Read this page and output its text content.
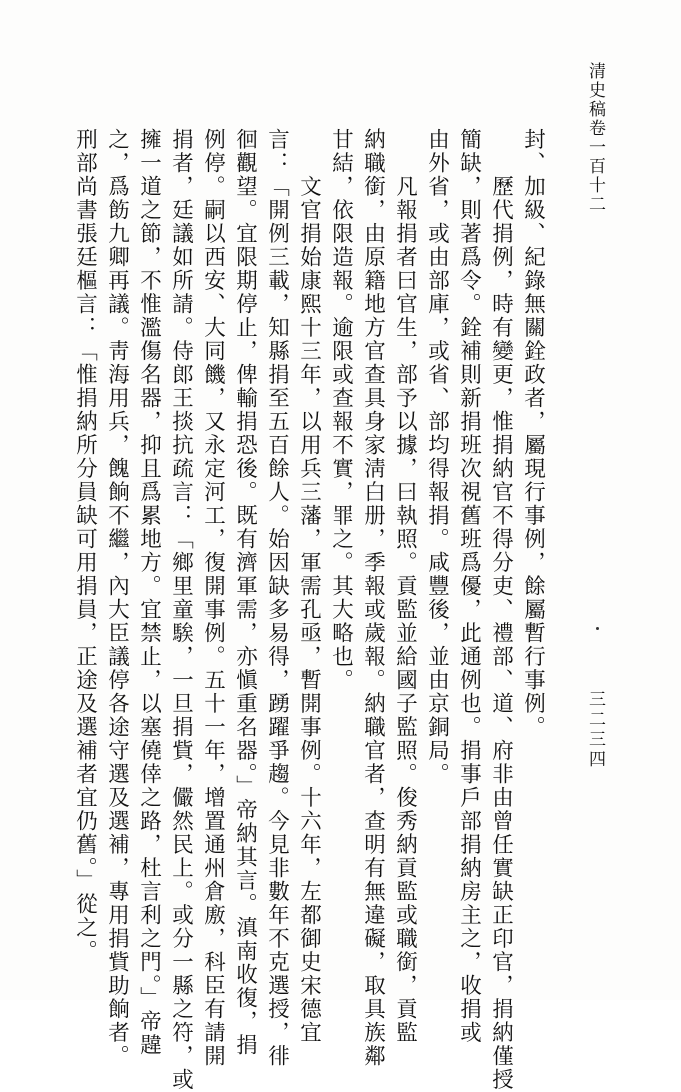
清史稿卷一百十二
三二三四
封、加級、紀錄無關銓政者，屬現行事例，餘屬暫行事例。
　　歷代捐例，時有變更，惟捐納官不得分吏、禮部、道、府非由曾任實缺正印官，捐納僅授
簡缺，則著爲令。銓補則新捐班次視舊班爲優，此通例也。捐事戶部捐納房主之，收捐或
由外省，或由部庫，或省、部均得報捐。咸豐後，並由京銅局。
　　凡報捐者曰官生，部予以據，曰執照。貢監並給國子監照。俊秀納貢監或職銜，貢監
納職銜，由原籍地方官查具身家淸白册，季報或歲報。納職官者，查明有無違礙，取具族鄰
甘結，依限造報。逾限或查報不實，罪之。其大略也。
　　文官捐始康熙十三年，以用兵三藩，軍需孔亟，暫開事例。十六年，左都御史宋德宜
言：「開例三載，知縣捐至五百餘人。始因缺多易得，踴躍爭趨。今見非數年不克選授，徘
徊觀望。宜限期停止，俾輸捐恐後。既有濟軍需，亦愼重名器。」帝納其言。滇南收復，捐
例停。嗣以西安、大同饑，又永定河工，復開事例。五十一年，增置通州倉廒，科臣有請開
捐者，廷議如所請。侍郎王掞抗疏言：「鄉里童騃，一旦捐貲，儼然民上。或分一縣之符，或
擁一道之節，不惟濫傷名器，抑且爲累地方。宜禁止，以塞僥倖之路，杜言利之門。」帝韙
之，爲飭九卿再議。靑海用兵，餽餉不繼，內大臣議停各途守選及選補，專用捐貲助餉者。
刑部尚書張廷樞言：「惟捐納所分員缺可用捐員，正途及選補者宜仍舊。」從之。
